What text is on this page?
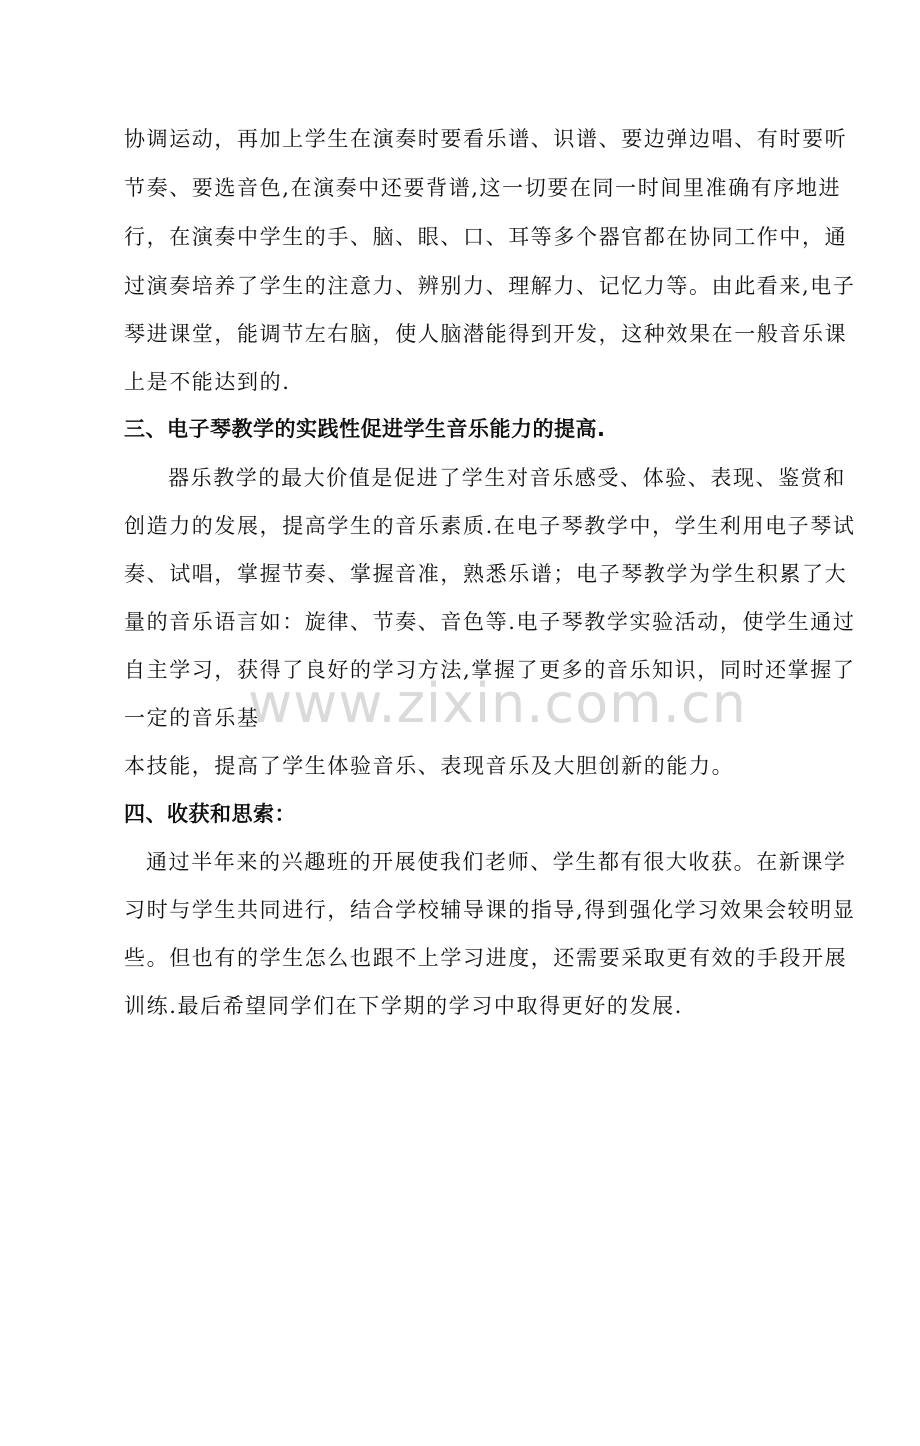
协调运动，再加上学生在演奏时要看乐谱、识谱、要边弹边唱、有时要听
节奏、要选音色,在演奏中还要背谱,这一切要在同一时间里准确有序地进
行，在演奏中学生的手、脑、眼、口、耳等多个器官都在协同工作中，通
过演奏培养了学生的注意力、辨别力、理解力、记忆力等。由此看来,电子
琴进课堂，能调节左右脑，使人脑潜能得到开发，这种效果在一般音乐课
上是不能达到的.
三、电子琴教学的实践性促进学生音乐能力的提高.
器乐教学的最大价值是促进了学生对音乐感受、体验、表现、鉴赏和
创造力的发展，提高学生的音乐素质.在电子琴教学中，学生利用电子琴试
奏、试唱，掌握节奏、掌握音准，熟悉乐谱；电子琴教学为学生积累了大
量的音乐语言如：旋律、节奏、音色等.电子琴教学实验活动，使学生通过
自主学习，获得了良好的学习方法,掌握了更多的音乐知识，同时还掌握了
一定的音乐基
本技能，提高了学生体验音乐、表现音乐及大胆创新的能力。
四、收获和思索：
通过半年来的兴趣班的开展使我们老师、学生都有很大收获。在新课学
习时与学生共同进行，结合学校辅导课的指导,得到强化学习效果会较明显
些。但也有的学生怎么也跟不上学习进度，还需要采取更有效的手段开展
训练.最后希望同学们在下学期的学习中取得更好的发展.
www.zixin.com.cn
